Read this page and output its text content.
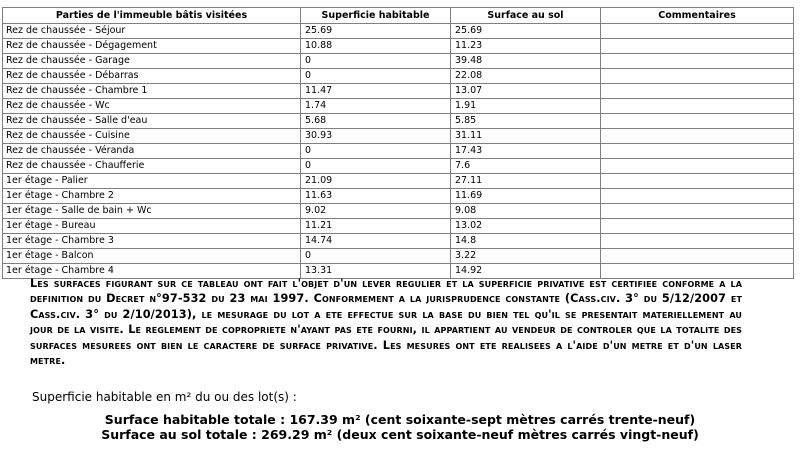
Parties de l'immeuble bâtis visitées	Superficie habitable	Surface au sol	Commentaires
Rez de chaussée - Séjour	25.69	25.69	
Rez de chaussée - Dégagement	10.88	11.23	
Rez de chaussée - Garage	0	39.48	
Rez de chaussée - Débarras	0	22.08	
Rez de chaussée - Chambre 1	11.47	13.07	
Rez de chaussée - Wc	1.74	1.91	
Rez de chaussée - Salle d'eau	5.68	5.85	
Rez de chaussée - Cuisine	30.93	31.11	
Rez de chaussée - Véranda	0	17.43	
Rez de chaussée - Chaufferie	0	7.6	
1er étage - Palier	21.09	27.11	
1er étage - Chambre 2	11.63	11.69	
1er étage - Salle de bain + Wc	9.02	9.08	
1er étage - Bureau	11.21	13.02	
1er étage - Chambre 3	14.74	14.8	
1er étage - Balcon	0	3.22	
1er étage - Chambre 4	13.31	14.92	
Les surfaces figurant sur ce tableau ont fait l'objet d'un lever regulier et la superficie privative est certifiee conforme a la definition du Decret n°97-532 du 23 mai 1997. Conformement a la jurisprudence constante (Cass.civ. 3° du 5/12/2007 et Cass.civ. 3° du 2/10/2013), le mesurage du lot a ete effectue sur la base du bien tel qu'il se presentait materiellement au jour de la visite. Le reglement de copropriete n'ayant pas ete fourni, il appartient au vendeur de controler que la totalite des surfaces mesurees ont bien le caractere de surface privative. Les mesures ont ete realisees a l'aide d'un metre et d'un laser metre.
Superficie habitable en m² du ou des lot(s) :
Surface habitable totale : 167.39 m² (cent soixante-sept mètres carrés trente-neuf)
Surface au sol totale : 269.29 m² (deux cent soixante-neuf mètres carrés vingt-neuf)
